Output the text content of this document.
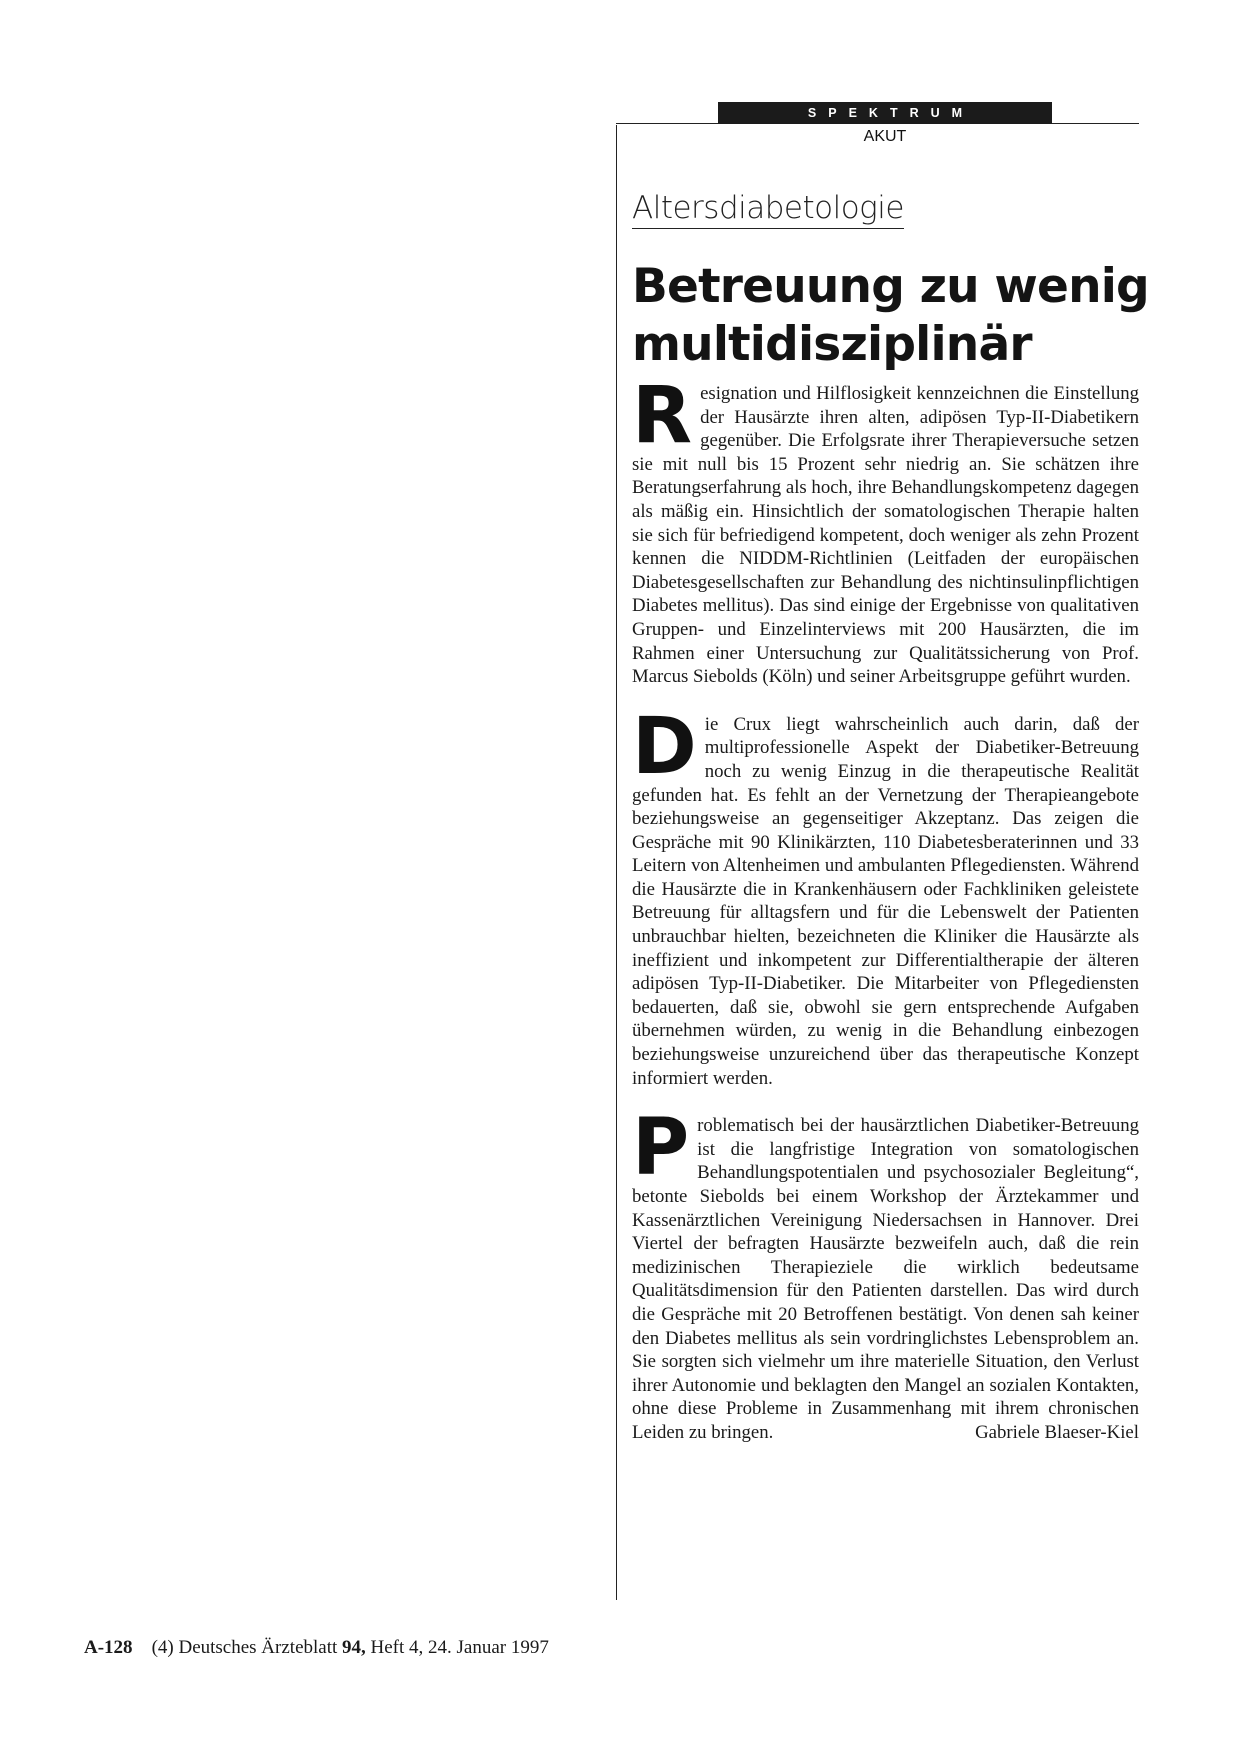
SPEKTRUM
AKUT
Altersdiabetologie
Betreuung zu wenig multidisziplinär

R esignation und Hilflosigkeit kennzeichnen die Einstellung der Hausärzte ihren alten, adipösen Typ-II-Diabetikern gegenüber. Die Erfolgsrate ihrer Therapieversuche setzen sie mit null bis 15 Prozent sehr niedrig an. Sie schätzen ihre Beratungserfahrung als hoch, ihre Behandlungskompetenz dagegen als mäßig ein. Hinsichtlich der somatologischen Therapie halten sie sich für befriedigend kompetent, doch weniger als zehn Prozent kennen die NIDDM-Richtlinien (Leitfaden der europäischen Diabetesgesellschaften zur Behandlung des nichtinsulinpflichtigen Diabetes mellitus). Das sind einige der Ergebnisse von qualitativen Gruppen- und Einzelinterviews mit 200 Hausärzten, die im Rahmen einer Untersuchung zur Qualitätssicherung von Prof. Marcus Siebolds (Köln) und seiner Arbeitsgruppe geführt wurden.

D ie Crux liegt wahrscheinlich auch darin, daß der multiprofessionelle Aspekt der Diabetiker-Betreuung noch zu wenig Einzug in die therapeutische Realität gefunden hat. Es fehlt an der Vernetzung der Therapieangebote beziehungsweise an gegenseitiger Akzeptanz. Das zeigen die Gespräche mit 90 Klinikärzten, 110 Diabetesberaterinnen und 33 Leitern von Altenheimen und ambulanten Pflegediensten. Während die Hausärzte die in Krankenhäusern oder Fachkliniken geleistete Betreuung für alltagsfern und für die Lebenswelt der Patienten unbrauchbar hielten, bezeichneten die Kliniker die Hausärzte als ineffizient und inkompetent zur Differentialtherapie der älteren adipösen Typ-II-Diabetiker. Die Mitarbeiter von Pflegediensten bedauerten, daß sie, obwohl sie gern entsprechende Aufgaben übernehmen würden, zu wenig in die Behandlung einbezogen beziehungsweise unzureichend über das therapeutische Konzept informiert werden.

P roblematisch bei der hausärztlichen Diabetiker-Betreuung ist die langfristige Integration von somatologischen Behandlungspotentialen und psychosozialer Begleitung“, betonte Siebolds bei einem Workshop der Ärztekammer und Kassenärztlichen Vereinigung Niedersachsen in Hannover. Drei Viertel der befragten Hausärzte bezweifeln auch, daß die rein medizinischen Therapieziele die wirklich bedeutsame Qualitätsdimension für den Patienten darstellen. Das wird durch die Gespräche mit 20 Betroffenen bestätigt. Von denen sah keiner den Diabetes mellitus als sein vordringlichstes Lebensproblem an. Sie sorgten sich vielmehr um ihre materielle Situation, den Verlust ihrer Autonomie und beklagten den Mangel an sozialen Kontakten, ohne diese Probleme in Zusammenhang mit ihrem chronischen Leiden zu bringen.	Gabriele Blaeser-Kiel

A-128 (4) Deutsches Ärzteblatt 94, Heft 4, 24. Januar 1997
